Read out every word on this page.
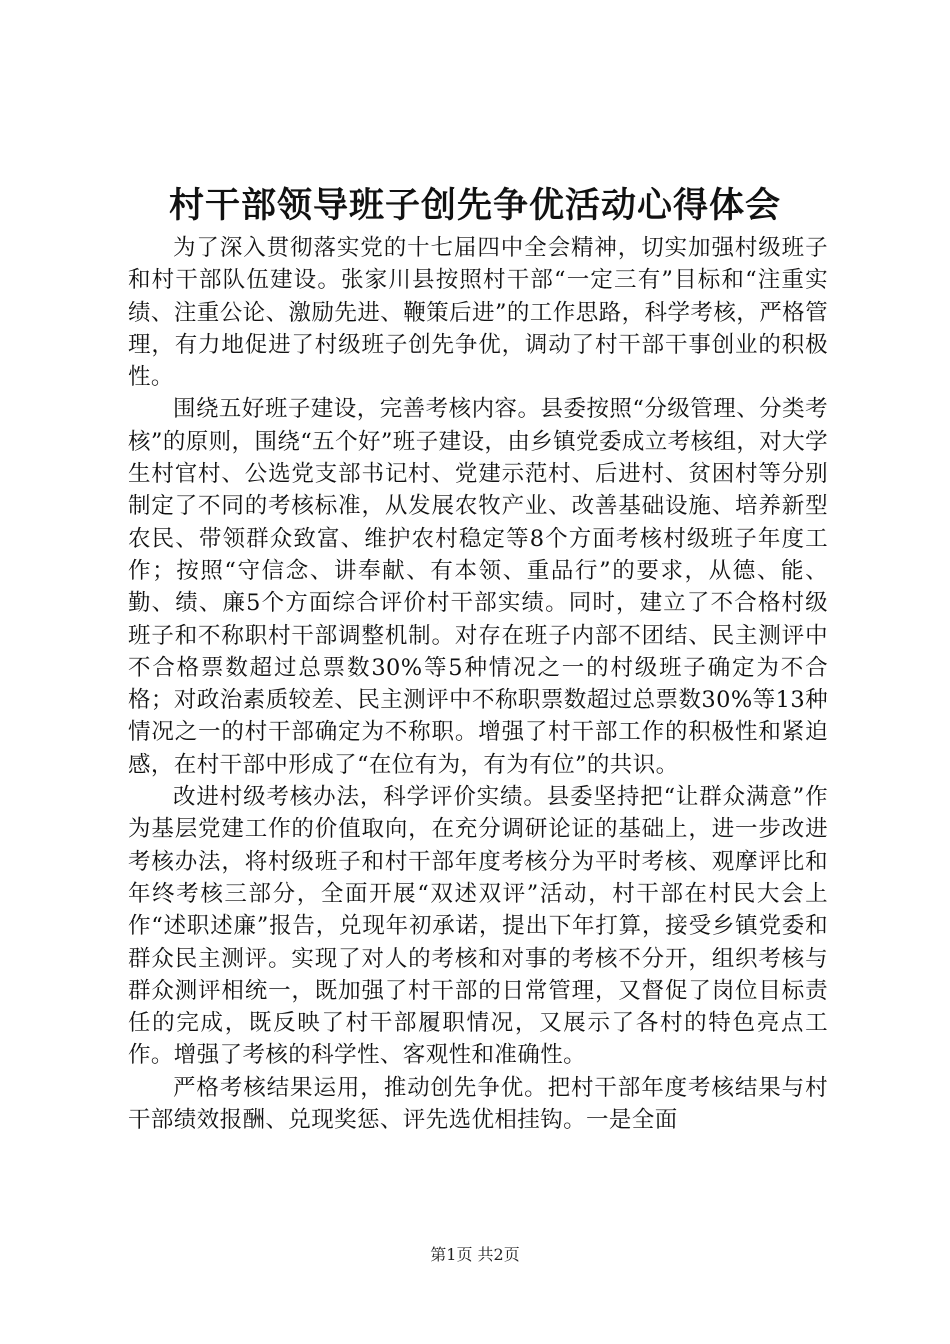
村干部领导班子创先争优活动心得体会

为了深入贯彻落实党的十七届四中全会精神，切实加强村级班子和村干部队伍建设。张家川县按照村干部“一定三有”目标和“注重实绩、注重公论、激励先进、鞭策后进”的工作思路，科学考核，严格管理，有力地促进了村级班子创先争优，调动了村干部干事创业的积极性。

围绕五好班子建设，完善考核内容。县委按照“分级管理、分类考核”的原则，围绕“五个好”班子建设，由乡镇党委成立考核组，对大学生村官村、公选党支部书记村、党建示范村、后进村、贫困村等分别制定了不同的考核标准，从发展农牧产业、改善基础设施、培养新型农民、带领群众致富、维护农村稳定等8个方面考核村级班子年度工作；按照“守信念、讲奉献、有本领、重品行”的要求，从德、能、勤、绩、廉5个方面综合评价村干部实绩。同时，建立了不合格村级班子和不称职村干部调整机制。对存在班子内部不团结、民主测评中不合格票数超过总票数30%等5种情况之一的村级班子确定为不合格；对政治素质较差、民主测评中不称职票数超过总票数30%等13种情况之一的村干部确定为不称职。增强了村干部工作的积极性和紧迫感，在村干部中形成了“在位有为，有为有位”的共识。

改进村级考核办法，科学评价实绩。县委坚持把“让群众满意”作为基层党建工作的价值取向，在充分调研论证的基础上，进一步改进考核办法，将村级班子和村干部年度考核分为平时考核、观摩评比和年终考核三部分，全面开展“双述双评”活动，村干部在村民大会上作“述职述廉”报告，兑现年初承诺，提出下年打算，接受乡镇党委和群众民主测评。实现了对人的考核和对事的考核不分开，组织考核与群众测评相统一，既加强了村干部的日常管理，又督促了岗位目标责任的完成，既反映了村干部履职情况，又展示了各村的特色亮点工作。增强了考核的科学性、客观性和准确性。

严格考核结果运用，推动创先争优。把村干部年度考核结果与村干部绩效报酬、兑现奖惩、评先选优相挂钩。一是全面

第1页 共2页
